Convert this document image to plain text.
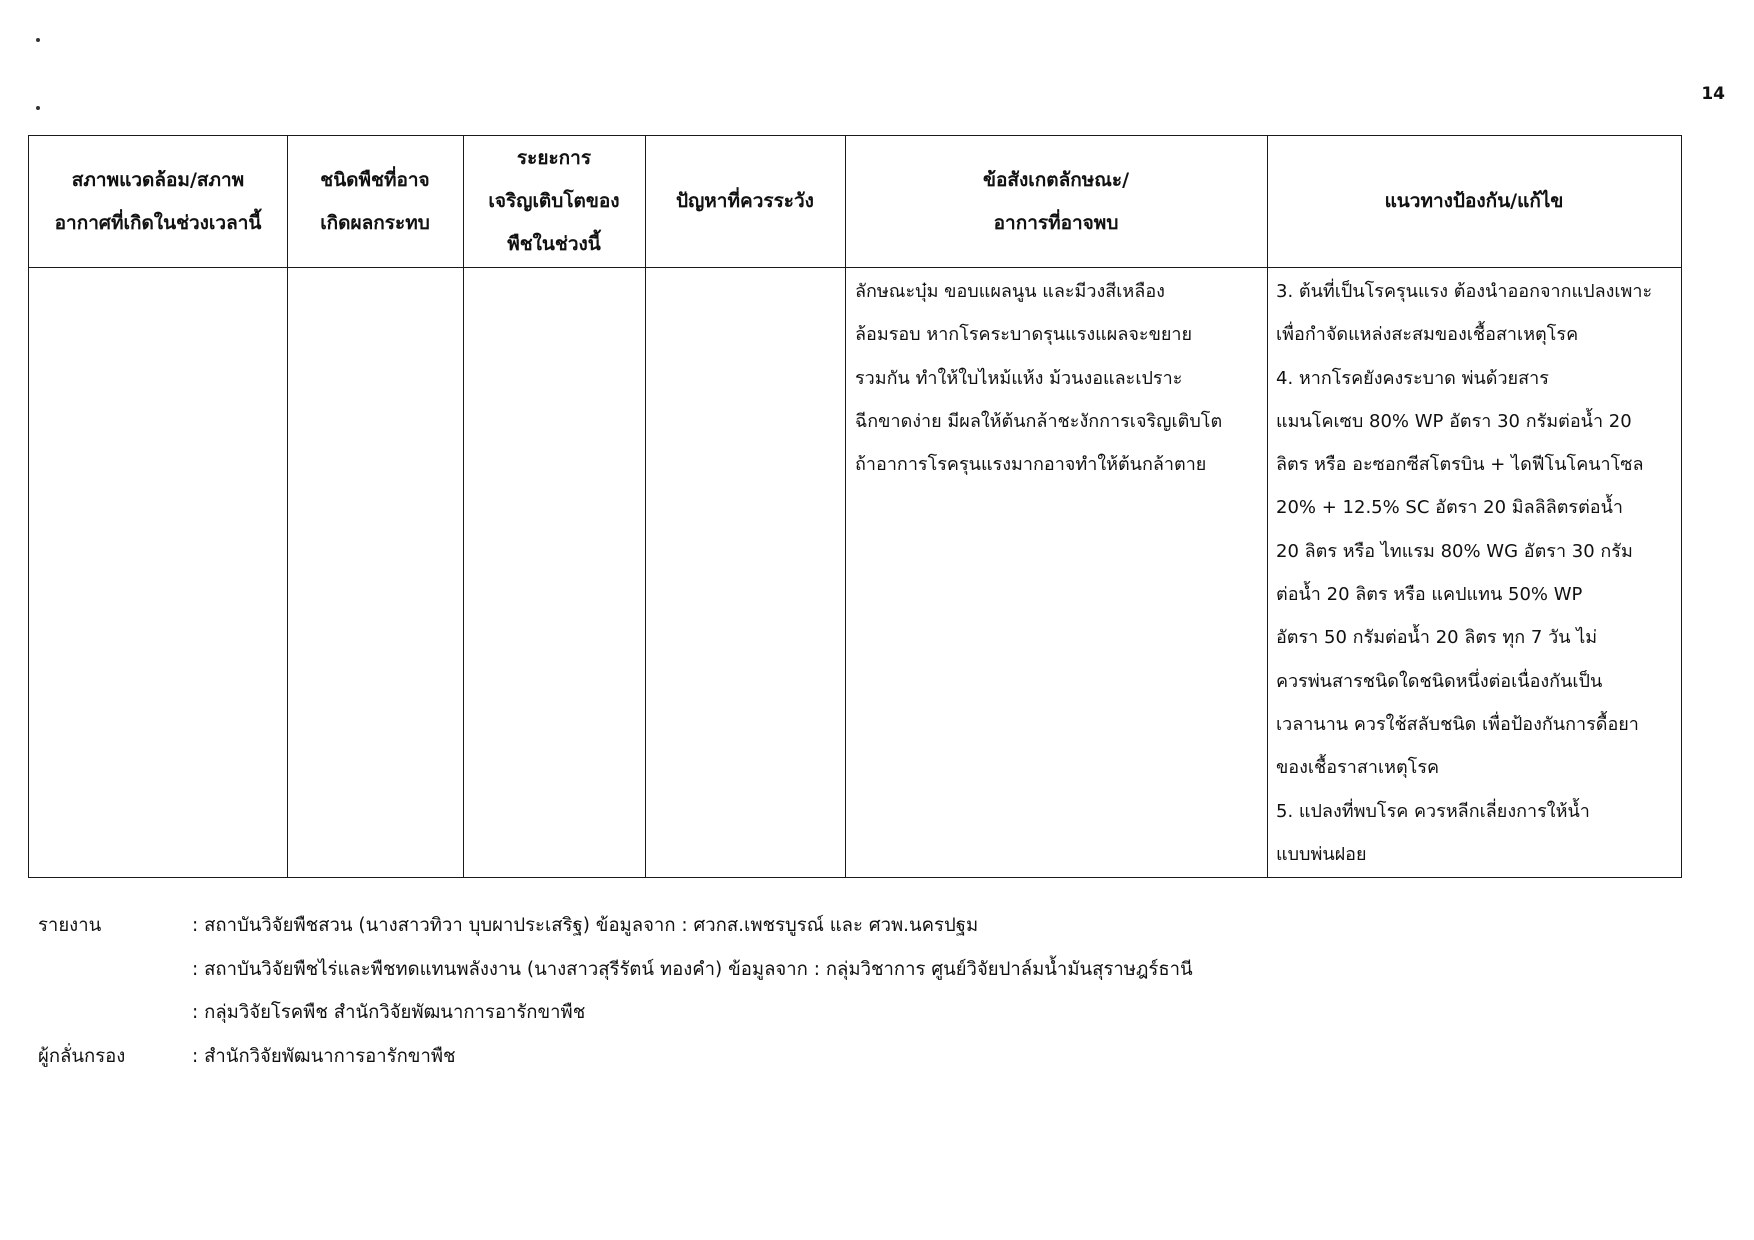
14
สภาพแวดล้อม/สภาพ
อากาศที่เกิดในช่วงเวลานี้
ชนิดพืชที่อาจ
เกิดผลกระทบ
ระยะการ
เจริญเติบโตของ
พืชในช่วงนี้
ปัญหาที่ควรระวัง
ข้อสังเกตลักษณะ/
อาการที่อาจพบ
แนวทางป้องกัน/แก้ไข
ลักษณะบุ๋ม ขอบแผลนูน และมีวงสีเหลือง
ล้อมรอบ หากโรคระบาดรุนแรงแผลจะขยาย
รวมกัน ทำให้ใบไหม้แห้ง ม้วนงอและเปราะ
ฉีกขาดง่าย มีผลให้ต้นกล้าชะงักการเจริญเติบโต
ถ้าอาการโรครุนแรงมากอาจทำให้ต้นกล้าตาย
3. ต้นที่เป็นโรครุนแรง ต้องนำออกจากแปลงเพาะ
เพื่อกำจัดแหล่งสะสมของเชื้อสาเหตุโรค
4. หากโรคยังคงระบาด พ่นด้วยสาร
แมนโคเซบ 80% WP อัตรา 30 กรัมต่อน้ำ 20
ลิตร หรือ อะซอกซีสโตรบิน + ไดฟีโนโคนาโซล
20% + 12.5% SC อัตรา 20 มิลลิลิตรต่อน้ำ
20 ลิตร หรือ ไทแรม 80% WG อัตรา 30 กรัม
ต่อน้ำ 20 ลิตร หรือ แคปแทน 50% WP
อัตรา 50 กรัมต่อน้ำ 20 ลิตร ทุก 7 วัน ไม่
ควรพ่นสารชนิดใดชนิดหนึ่งต่อเนื่องกันเป็น
เวลานาน ควรใช้สลับชนิด เพื่อป้องกันการดื้อยา
ของเชื้อราสาเหตุโรค
5. แปลงที่พบโรค ควรหลีกเลี่ยงการให้น้ำ
แบบพ่นฝอย
รายงาน	: สถาบันวิจัยพืชสวน (นางสาวทิวา บุบผาประเสริฐ) ข้อมูลจาก : ศวกส.เพชรบูรณ์ และ ศวพ.นครปฐม
: สถาบันวิจัยพืชไร่และพืชทดแทนพลังงาน (นางสาวสุรีรัตน์ ทองคำ) ข้อมูลจาก : กลุ่มวิชาการ ศูนย์วิจัยปาล์มน้ำมันสุราษฎร์ธานี
: กลุ่มวิจัยโรคพืช สำนักวิจัยพัฒนาการอารักขาพืช
ผู้กลั่นกรอง	: สำนักวิจัยพัฒนาการอารักขาพืช
